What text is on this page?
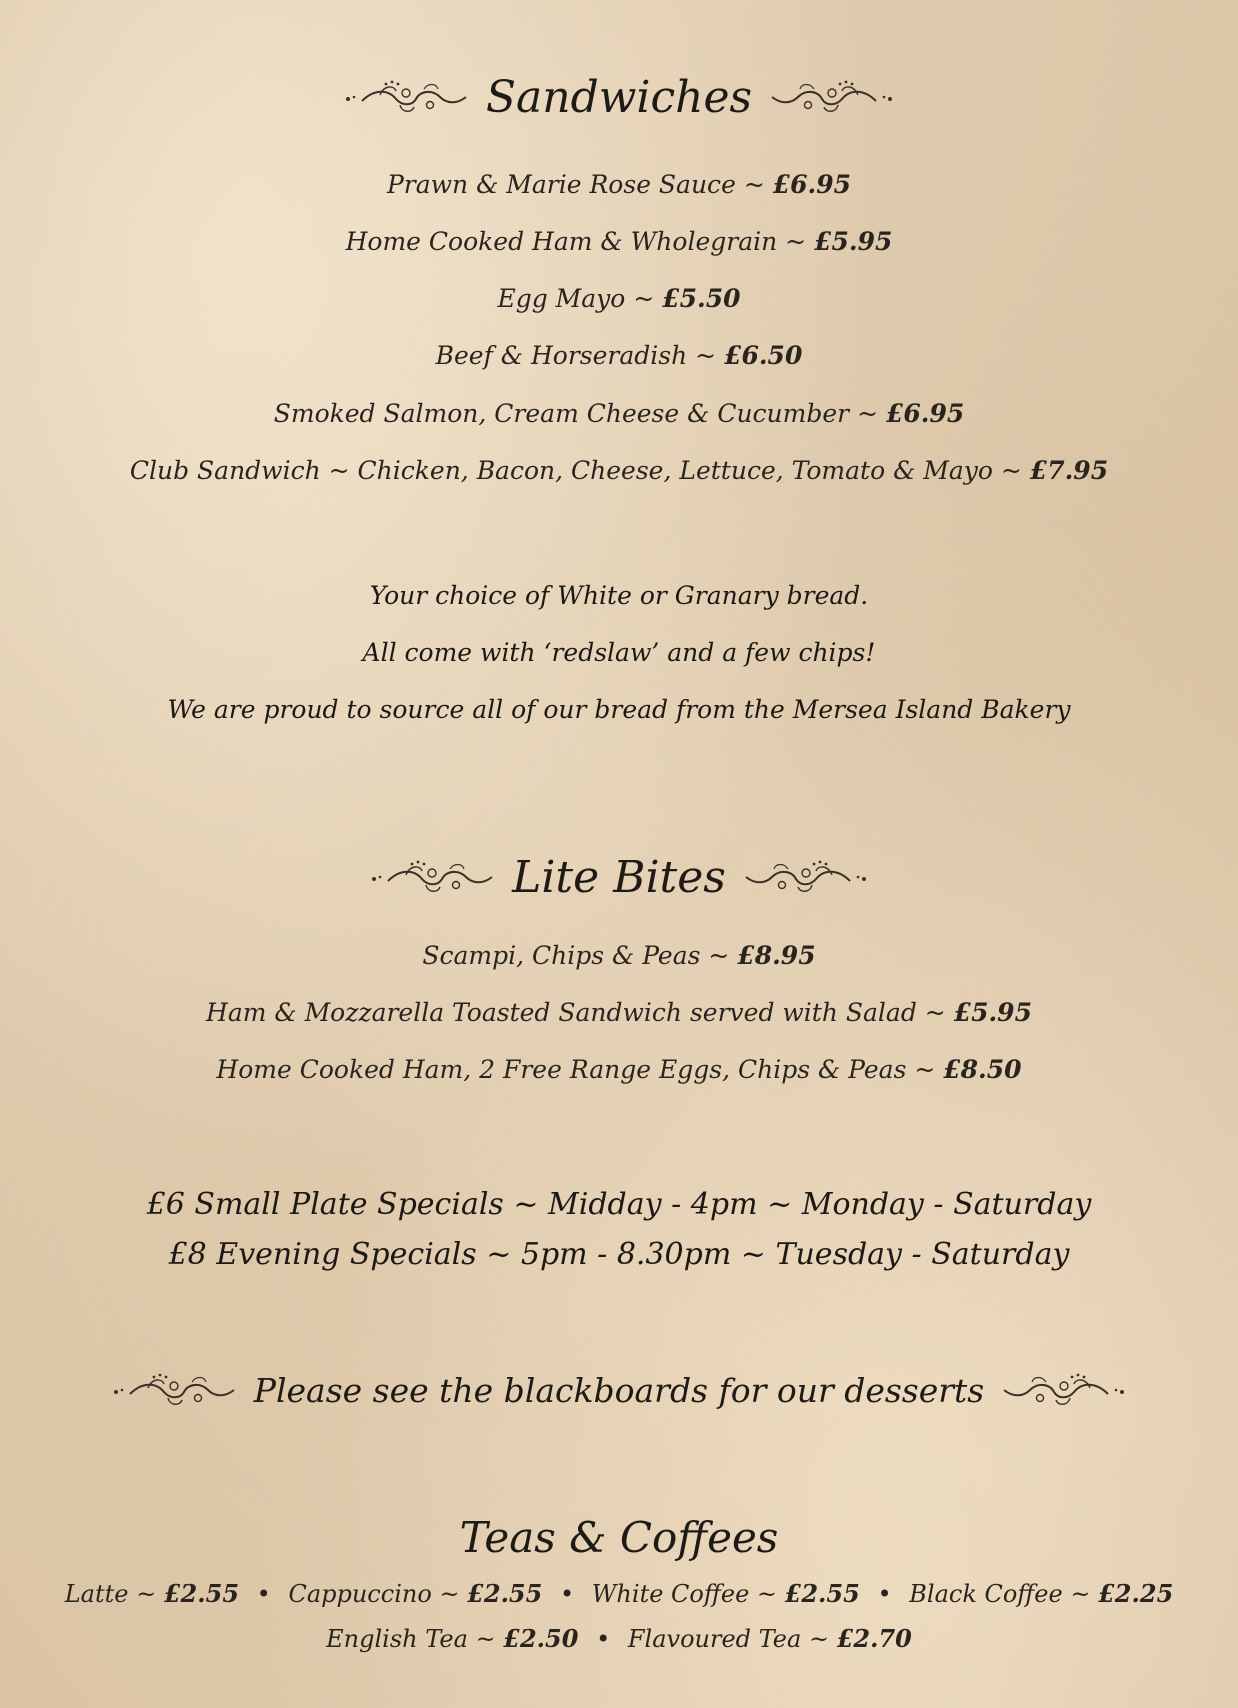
Sandwiches
Prawn & Marie Rose Sauce ~ £6.95
Home Cooked Ham & Wholegrain ~ £5.95
Egg Mayo ~ £5.50
Beef & Horseradish ~ £6.50
Smoked Salmon, Cream Cheese & Cucumber ~ £6.95
Club Sandwich ~ Chicken, Bacon, Cheese, Lettuce, Tomato & Mayo ~ £7.95
Your choice of White or Granary bread.
All come with ‘redslaw’ and a few chips!
We are proud to source all of our bread from the Mersea Island Bakery
Lite Bites
Scampi, Chips & Peas ~ £8.95
Ham & Mozzarella Toasted Sandwich served with Salad ~ £5.95
Home Cooked Ham, 2 Free Range Eggs, Chips & Peas ~ £8.50
£6 Small Plate Specials ~ Midday - 4pm ~ Monday - Saturday
£8 Evening Specials ~ 5pm - 8.30pm ~ Tuesday - Saturday
Please see the blackboards for our desserts
Teas & Coffees
Latte ~ £2.55 • Cappuccino ~ £2.55 • White Coffee ~ £2.55 • Black Coffee ~ £2.25
English Tea ~ £2.50 • Flavoured Tea ~ £2.70
